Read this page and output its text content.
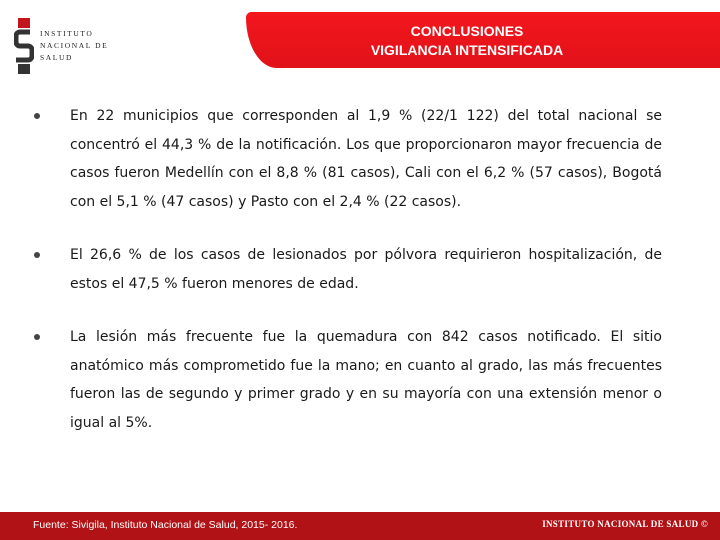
INSTITUTO
NACIONAL DE
SALUD
CONCLUSIONES
VIGILANCIA INTENSIFICADA
En 22 municipios que corresponden al 1,9 % (22/1 122) del total nacional se concentró el 44,3 % de la notificación. Los que proporcionaron mayor frecuencia de casos fueron Medellín con el 8,8 % (81 casos), Cali con el 6,2 % (57 casos), Bogotá con el 5,1 % (47 casos) y Pasto con el 2,4 % (22 casos).
El 26,6 % de los casos de lesionados por pólvora requirieron hospitalización, de estos el 47,5 % fueron menores de edad.
La lesión más frecuente fue la quemadura con 842 casos notificado. El sitio anatómico más comprometido fue la mano; en cuanto al grado, las más frecuentes fueron las de segundo y primer grado y en su mayoría con una extensión menor o igual al 5%.
Fuente: Sivigila, Instituto Nacional de Salud, 2015- 2016.	INSTITUTO NACIONAL DE SALUD ©
